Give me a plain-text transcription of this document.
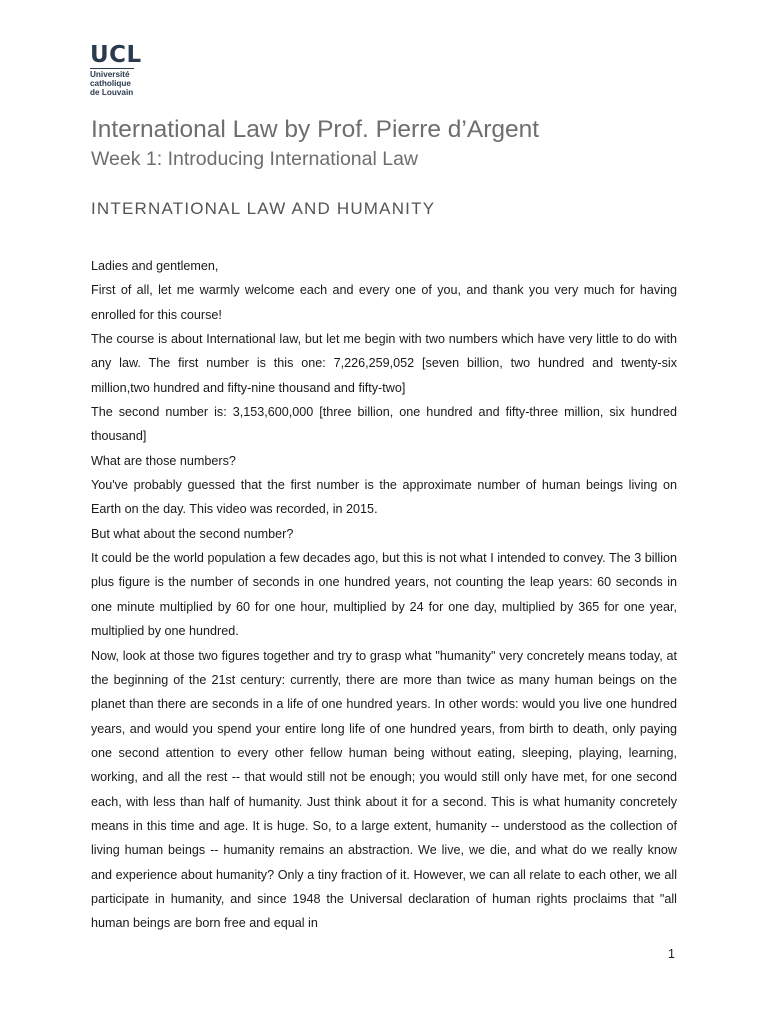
UCL
Université
catholique
de Louvain
International Law by Prof. Pierre d’Argent
Week 1: Introducing International Law
INTERNATIONAL LAW AND HUMANITY

Ladies and gentlemen,

First of all, let me warmly welcome each and every one of you, and thank you very much for having enrolled for this course!

The course is about International law, but let me begin with two numbers which have very little to do with any law. The first number is this one: 7,226,259,052 [seven billion, two hundred and twenty-six million,two hundred and fifty-nine thousand and fifty-two]

The second number is: 3,153,600,000 [three billion, one hundred and fifty-three million, six hundred thousand]

What are those numbers?

You've probably guessed that the first number is the approximate number of human beings living on Earth on the day. This video was recorded, in 2015.

But what about the second number?

It could be the world population a few decades ago, but this is not what I intended to convey. The 3 billion plus figure is the number of seconds in one hundred years, not counting the leap years: 60 seconds in one minute multiplied by 60 for one hour, multiplied by 24 for one day, multiplied by 365 for one year, multiplied by one hundred.

Now, look at those two figures together and try to grasp what "humanity" very concretely means today, at the beginning of the 21st century: currently, there are more than twice as many human beings on the planet than there are seconds in a life of one hundred years. In other words: would you live one hundred years, and would you spend your entire long life of one hundred years, from birth to death, only paying one second attention to every other fellow human being without eating, sleeping, playing, learning, working, and all the rest -- that would still not be enough; you would still only have met, for one second each, with less than half of humanity. Just think about it for a second. This is what humanity concretely means in this time and age. It is huge. So, to a large extent, humanity -- understood as the collection of living human beings -- humanity remains an abstraction. We live, we die, and what do we really know and experience about humanity? Only a tiny fraction of it. However, we can all relate to each other, we all participate in humanity, and since 1948 the Universal declaration of human rights proclaims that "all human beings are born free and equal in

1
